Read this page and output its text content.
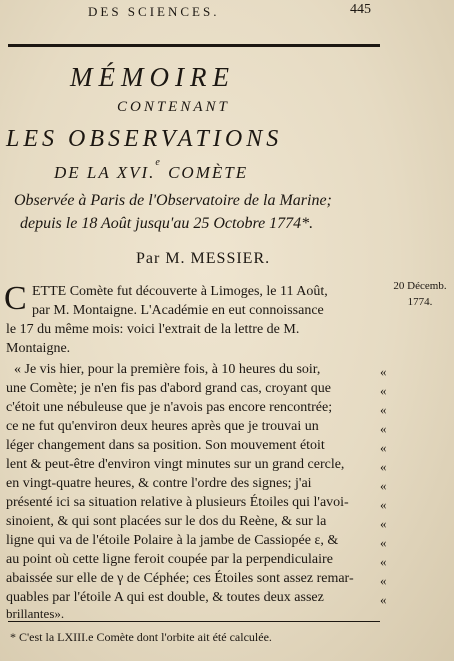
DES SCIENCES.	445
MÉMOIRE
CONTENANT
LES OBSERVATIONS
DE LA XVI.$^e$ COMÈTE
Observée à Paris de l'Observatoire de la Marine;
depuis le 18 Août jusqu'au 25 Octobre 1774*.
Par M. MESSIER.
20 Décemb.
1774.
C ETTE Comète fut découverte à Limoges, le 11 Août,
par M. Montaigne. L'Académie en eut connoissance
le 17 du même mois: voici l'extrait de la lettre de M.
Montaigne.
« Je vis hier, pour la première fois, à 10 heures du soir,
une Comète; je n'en fis pas d'abord grand cas, croyant que
c'étoit une nébuleuse que je n'avois pas encore rencontrée;
ce ne fut qu'environ deux heures après que je trouvai un
léger changement dans sa position. Son mouvement étoit
lent & peut-être d'environ vingt minutes sur un grand cercle,
en vingt-quatre heures, & contre l'ordre des signes; j'ai
présenté ici sa situation relative à plusieurs Étoiles qui l'avoi-
sinoient, & qui sont placées sur le dos du Reène, & sur la
ligne qui va de l'étoile Polaire à la jambe de Cassiopée ε, &
au point où cette ligne feroit coupée par la perpendiculaire
abaissée sur elle de γ de Céphée; ces Étoiles sont assez remar-
quables par l'étoile A qui est double, & toutes deux assez
brillantes».
«
«
«
«
«
«
«
«
«
«
«
«
«
* C'est la LXIII.e Comète dont l'orbite ait été calculée.
